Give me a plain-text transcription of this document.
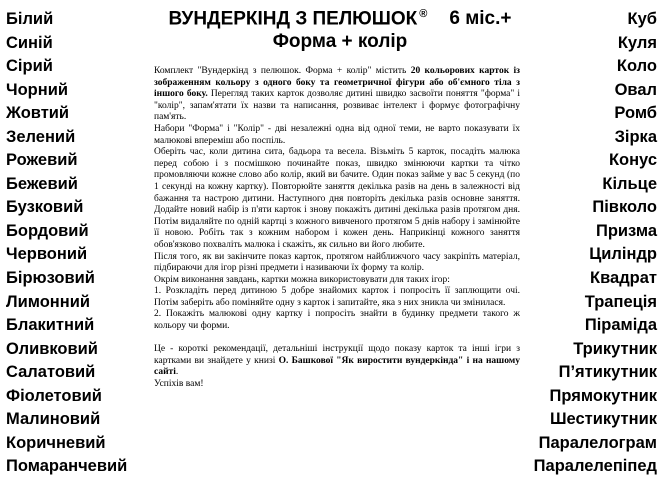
ВУНДЕРКІНД З ПЕЛЮШОК ® 6 міс.+
Форма + колір
Білий
Синій
Сірий
Чорний
Жовтий
Зелений
Рожевий
Бежевий
Бузковий
Бордовий
Червоний
Бірюзовий
Лимонний
Блакитний
Оливковий
Салатовий
Фіолетовий
Малиновий
Коричневий
Помаранчевий
Куб
Куля
Коло
Овал
Ромб
Зірка
Конус
Кільце
Півколо
Призма
Циліндр
Квадрат
Трапеція
Піраміда
Трикутник
П’ятикутник
Прямокутник
Шестикутник
Паралелограм
Паралелепіпед

Комплект "Вундеркінд з пелюшок. Форма + колір" містить 20 кольорових карток із зображенням кольору з одного боку та геометричної фігури або об'ємного тіла з іншого боку. Перегляд таких карток дозволяє дитині швидко засвоїти поняття "форма" і "колір", запам'ятати їх назви та написання, розвиває інтелект і формує фотографічну пам'ять.

Набори "Форма" і "Колір" - дві незалежні одна від одної теми, не варто показувати їх малюкові впереміш або поспіль.

Оберіть час, коли дитина сита, бадьора та весела. Візьміть 5 карток, посадіть малюка перед собою і з посмішкою починайте показ, швидко змінюючи картки та чітко промовляючи кожне слово або колір, який ви бачите. Один показ займе у вас 5 секунд (по 1 секунді на кожну картку). Повторюйте заняття декілька разів на день в залежності від бажання та настрою дитини. Наступного дня повторіть декілька разів основне заняття. Додайте новий набір із п'яти карток і знову покажіть дитині декілька разів протягом дня. Потім видаляйте по одній картці з кожного вивченого протягом 5 днів набору і замінюйте її новою. Робіть так з кожним набором і кожен день. Наприкінці кожного заняття обов'язково похваліть малюка і скажіть, як сильно ви його любите.

Після того, як ви закінчите показ карток, протягом найближчого часу закріпіть матеріал, підбираючи для ігор різні предмети і називаючи їх форму та колір.

Окрім виконання завдань, картки можна використовувати для таких ігор:

1. Розкладіть перед дитиною 5 добре знайомих карток і попросіть її заплющити очі. Потім заберіть або поміняйте одну з карток і запитайте, яка з них зникла чи змінилася.

2. Покажіть малюкові одну картку і попросіть знайти в будинку предмети такого ж кольору чи форми.

Це - короткі рекомендації, детальніші інструкції щодо показу карток та інші ігри з картками ви знайдете у книзі О. Башкової "Як виростити вундеркінда" і на нашому сайті.

Успіхів вам!
